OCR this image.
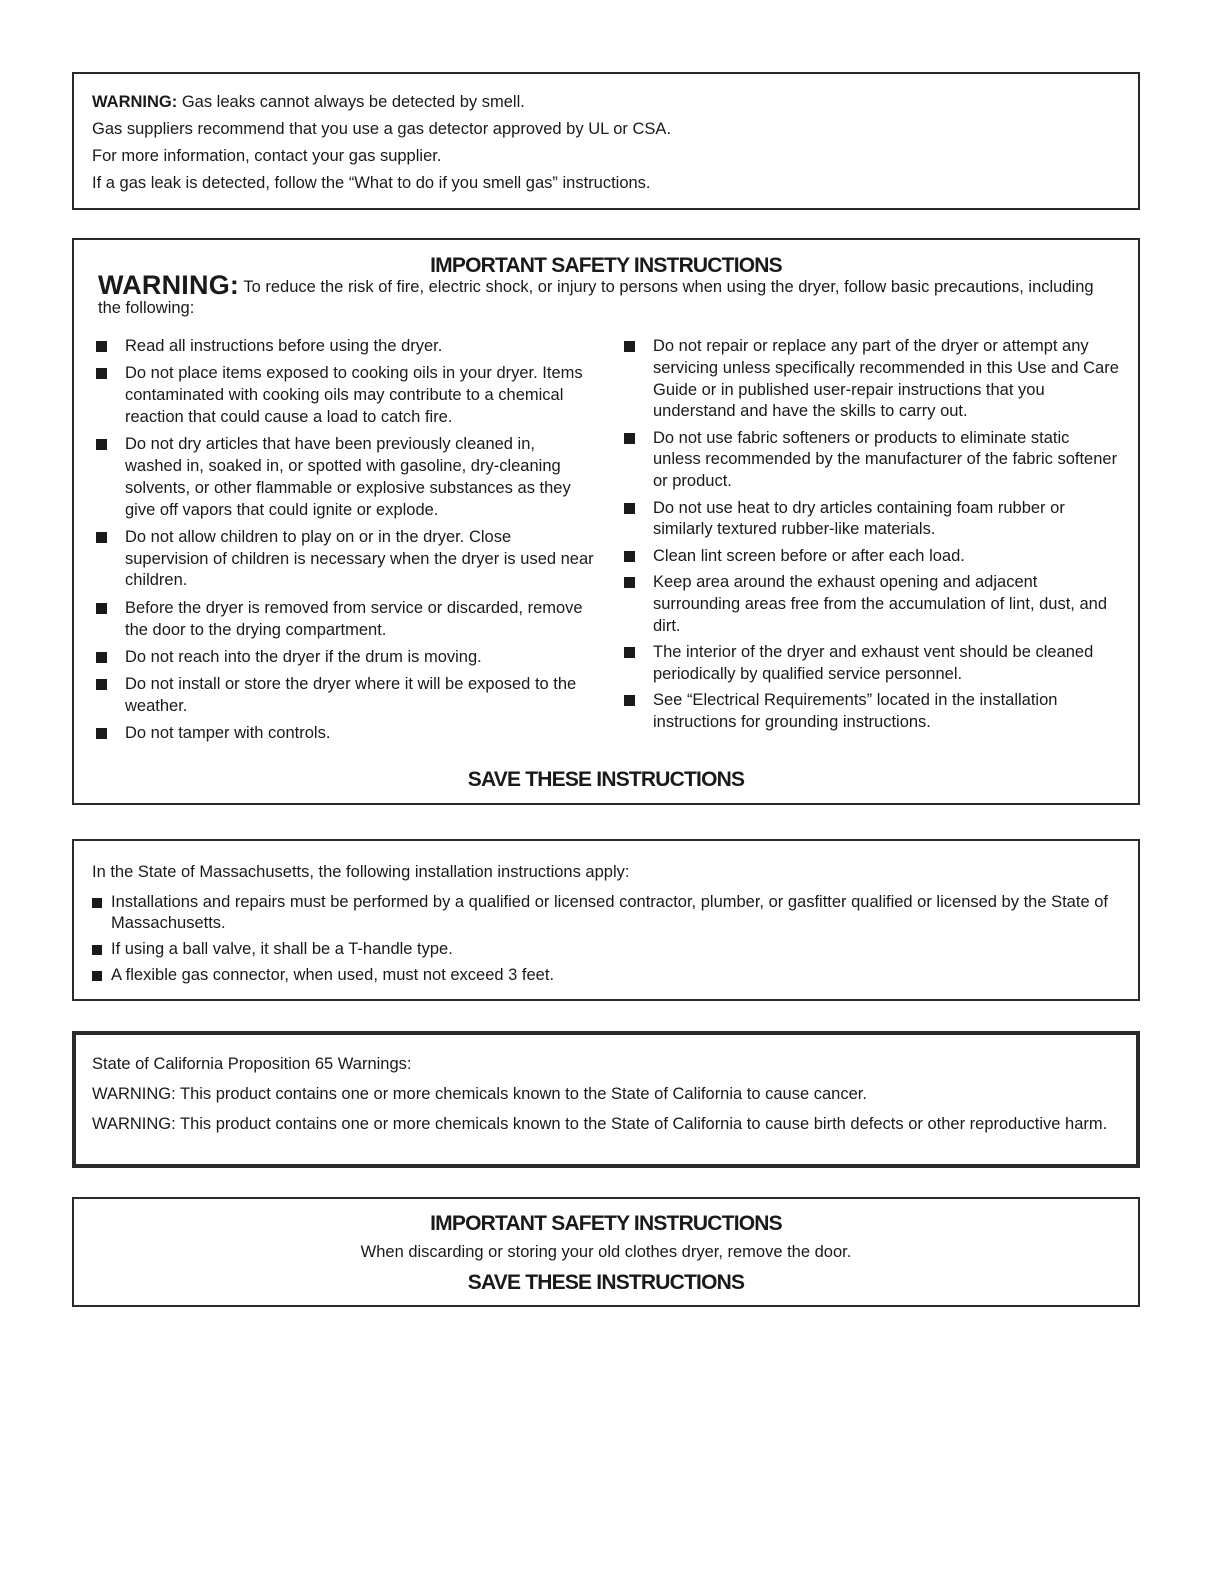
WARNING: Gas leaks cannot always be detected by smell.

Gas suppliers recommend that you use a gas detector approved by UL or CSA.

For more information, contact your gas supplier.

If a gas leak is detected, follow the “What to do if you smell gas” instructions.

IMPORTANT SAFETY INSTRUCTIONS
WARNING: To reduce the risk of fire, electric shock, or injury to persons when using the dryer, follow basic precautions, including the following:
Read all instructions before using the dryer.
Do not place items exposed to cooking oils in your dryer. Items contaminated with cooking oils may contribute to a chemical reaction that could cause a load to catch fire.
Do not dry articles that have been previously cleaned in, washed in, soaked in, or spotted with gasoline, dry-cleaning solvents, or other flammable or explosive substances as they give off vapors that could ignite or explode.
Do not allow children to play on or in the dryer. Close supervision of children is necessary when the dryer is used near children.
Before the dryer is removed from service or discarded, remove the door to the drying compartment.
Do not reach into the dryer if the drum is moving.
Do not install or store the dryer where it will be exposed to the weather.
Do not tamper with controls.
Do not repair or replace any part of the dryer or attempt any servicing unless specifically recommended in this Use and Care Guide or in published user-repair instructions that you understand and have the skills to carry out.
Do not use fabric softeners or products to eliminate static unless recommended by the manufacturer of the fabric softener or product.
Do not use heat to dry articles containing foam rubber or similarly textured rubber-like materials.
Clean lint screen before or after each load.
Keep area around the exhaust opening and adjacent surrounding areas free from the accumulation of lint, dust, and dirt.
The interior of the dryer and exhaust vent should be cleaned periodically by qualified service personnel.
See “Electrical Requirements” located in the installation instructions for grounding instructions.
SAVE THESE INSTRUCTIONS

In the State of Massachusetts, the following installation instructions apply:

Installations and repairs must be performed by a qualified or licensed contractor, plumber, or gasfitter qualified or licensed by the State of Massachusetts.
If using a ball valve, it shall be a T-handle type.
A flexible gas connector, when used, must not exceed 3 feet.

State of California Proposition 65 Warnings:

WARNING: This product contains one or more chemicals known to the State of California to cause cancer.

WARNING: This product contains one or more chemicals known to the State of California to cause birth defects or other reproductive harm.

IMPORTANT SAFETY INSTRUCTIONS
When discarding or storing your old clothes dryer, remove the door.
SAVE THESE INSTRUCTIONS
